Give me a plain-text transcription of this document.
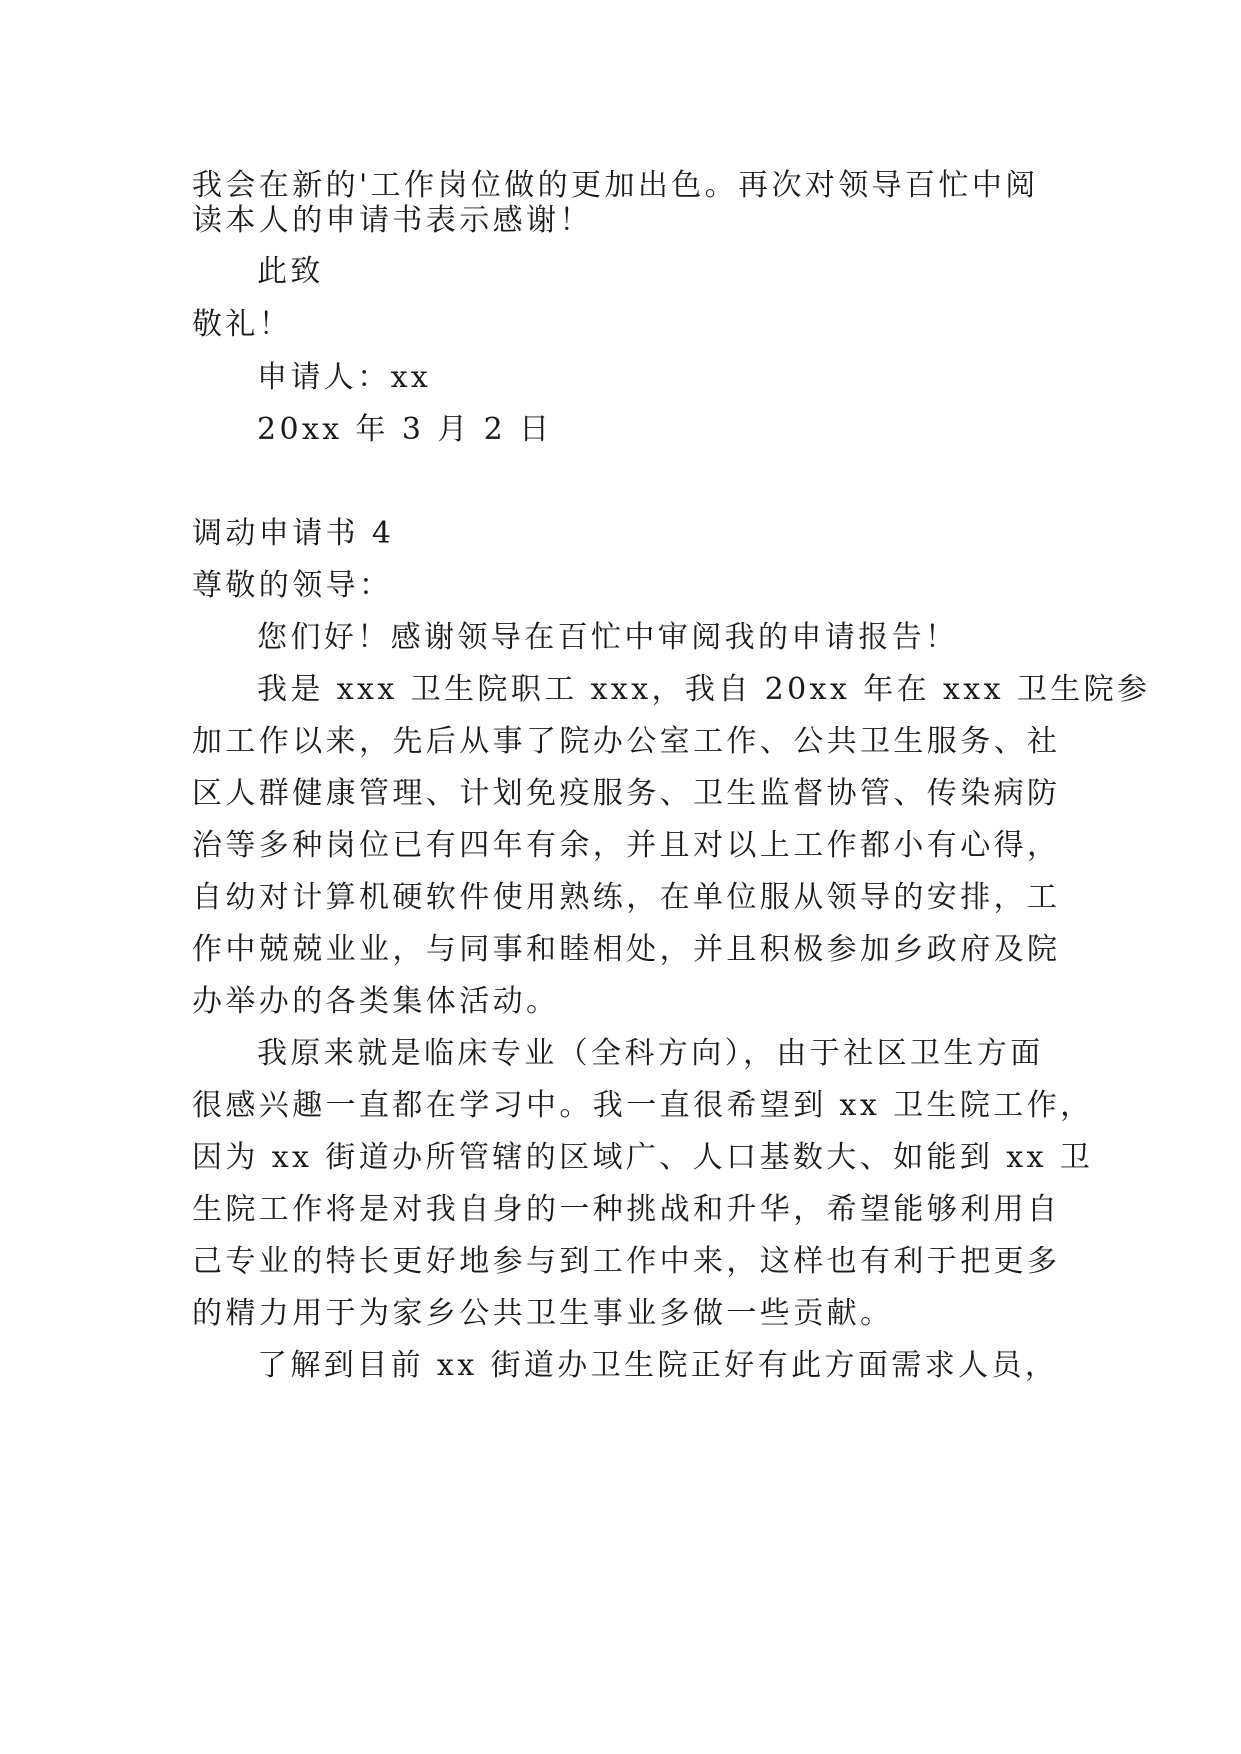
我会在新的'工作岗位做的更加出色。再次对领导百忙中阅
读本人的申请书表示感谢！
此致
敬礼！
申请人：xx
20xx 年 3 月 2 日
调动申请书 4
尊敬的领导：
您们好！感谢领导在百忙中审阅我的申请报告！
我是 xxx 卫生院职工 xxx，我自 20xx 年在 xxx 卫生院参
加工作以来，先后从事了院办公室工作、公共卫生服务、社
区人群健康管理、计划免疫服务、卫生监督协管、传染病防
治等多种岗位已有四年有余，并且对以上工作都小有心得，
自幼对计算机硬软件使用熟练，在单位服从领导的安排，工
作中兢兢业业，与同事和睦相处，并且积极参加乡政府及院
办举办的各类集体活动。
我原来就是临床专业（全科方向），由于社区卫生方面
很感兴趣一直都在学习中。我一直很希望到 xx 卫生院工作，
因为 xx 街道办所管辖的区域广、人口基数大、如能到 xx 卫
生院工作将是对我自身的一种挑战和升华，希望能够利用自
己专业的特长更好地参与到工作中来，这样也有利于把更多
的精力用于为家乡公共卫生事业多做一些贡献。
了解到目前 xx 街道办卫生院正好有此方面需求人员，
